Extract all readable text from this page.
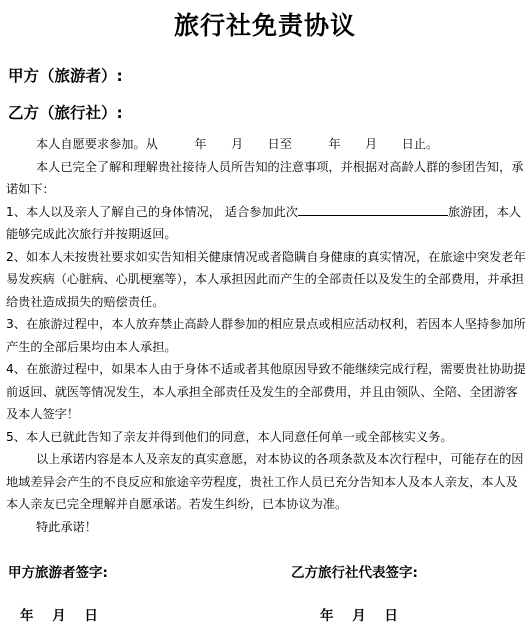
旅行社免责协议
甲方（旅游者）:
乙方（旅行社）:

本人自愿要求参加。从　　　年　　月　　日至　　　年　　月　　日止。

本人已完全了解和理解贵社接待人员所告知的注意事项，并根据对高龄人群的参团告知，承诺如下：

1、本人以及亲人了解自己的身体情况， 适合参加此次	旅游团，本人能够完成此次旅行并按期返回。

2、如本人未按贵社要求如实告知相关健康情况或者隐瞒自身健康的真实情况，在旅途中突发老年易发疾病（心脏病、心肌梗塞等），本人承担因此而产生的全部责任以及发生的全部费用，并承担给贵社造成损失的赔偿责任。

3、在旅游过程中，本人放弃禁止高龄人群参加的相应景点或相应活动权利，若因本人坚持参加所产生的全部后果均由本人承担。

4、在旅游过程中，如果本人由于身体不适或者其他原因导致不能继续完成行程，需要贵社协助提前返回、就医等情况发生，本人承担全部责任及发生的全部费用，并且由领队、全陪、全团游客及本人签字！

5、本人已就此告知了亲友并得到他们的同意，本人同意任何单一或全部核实义务。

以上承诺内容是本人及亲友的真实意愿，对本协议的各项条款及本次行程中，可能存在的因地域差异会产生的不良反应和旅途辛劳程度，贵社工作人员已充分告知本人及本人亲友，本人及本人亲友已完全理解并自愿承诺。若发生纠纷，已本协议为准。

特此承诺！

甲方旅游者签字:	乙方旅行社代表签字:
年 月 日	年 月 日
